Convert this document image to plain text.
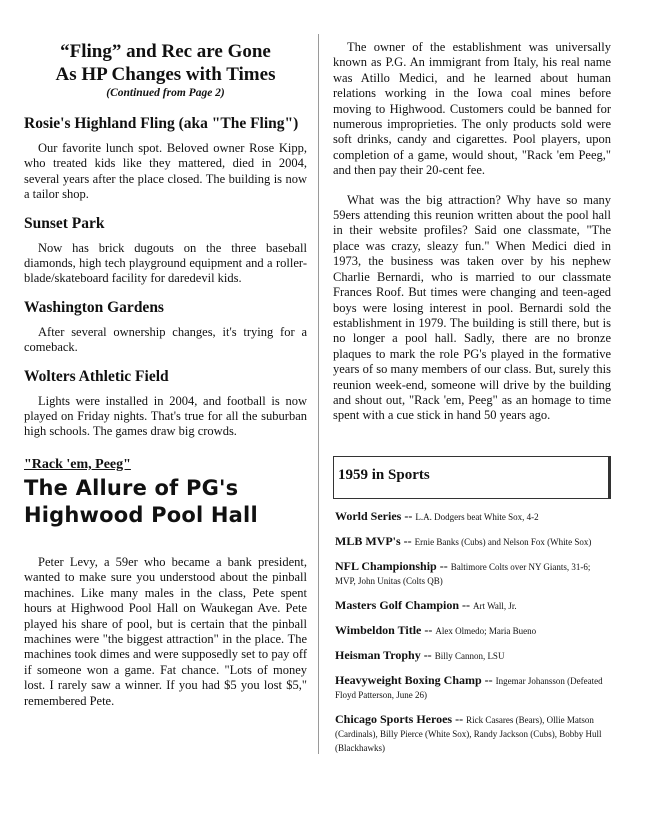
“Fling” and Rec are Gone
As HP Changes with Times
(Continued from Page 2)
Rosie's Highland Fling (aka "The Fling")

Our favorite lunch spot. Beloved owner Rose Kipp, who treated kids like they mattered, died in 2004, several years after the place closed. The building is now a tailor shop.

Sunset Park

Now has brick dugouts on the three baseball diamonds, high tech playground equipment and a roller-blade/skateboard facility for daredevil kids.

Washington Gardens

After several ownership changes, it's trying for a comeback.

Wolters Athletic Field

Lights were installed in 2004, and football is now played on Friday nights. That's true for all the suburban high schools. The games draw big crowds.

"Rack 'em, Peeg"
The Allure of PG's
Highwood Pool Hall

Peter Levy, a 59er who became a bank president, wanted to make sure you understood about the pinball machines. Like many males in the class, Pete spent hours at Highwood Pool Hall on Waukegan Ave. Pete played his share of pool, but is certain that the pinball machines were "the biggest attraction" in the place. The machines took dimes and were supposedly set to pay off if someone won a game. Fat chance. "Lots of money lost. I rarely saw a winner. If you had $5 you lost $5," remembered Pete.

The owner of the establishment was universally known as P.G. An immigrant from Italy, his real name was Atillo Medici, and he learned about human relations working in the Iowa coal mines before moving to Highwood. Customers could be banned for numerous improprieties. The only products sold were soft drinks, candy and cigarettes. Pool players, upon completion of a game, would shout, "Rack 'em Peeg," and then pay their 20-cent fee.

What was the big attraction? Why have so many 59ers attending this reunion written about the pool hall in their website profiles? Said one classmate, "The place was crazy, sleazy fun." When Medici died in 1973, the business was taken over by his nephew Charlie Bernardi, who is married to our classmate Frances Roof. But times were changing and teen-aged boys were losing interest in pool. Bernardi sold the establishment in 1979. The building is still there, but is no longer a pool hall. Sadly, there are no bronze plaques to mark the role PG's played in the formative years of so many members of our class. But, surely this reunion week-end, someone will drive by the building and shout out, "Rack 'em, Peeg" as an homage to time spent with a cue stick in hand 50 years ago.

1959 in Sports
World Series -- L.A. Dodgers beat White Sox, 4-2
MLB MVP's -- Ernie Banks (Cubs) and Nelson Fox (White Sox)
NFL Championship -- Baltimore Colts over NY Giants, 31-6; MVP, John Unitas (Colts QB)
Masters Golf Champion -- Art Wall, Jr.
Wimbeldon Title -- Alex Olmedo; Maria Bueno
Heisman Trophy -- Billy Cannon, LSU
Heavyweight Boxing Champ -- Ingemar Johansson (Defeated Floyd Patterson, June 26)
Chicago Sports Heroes -- Rick Casares (Bears), Ollie Matson (Cardinals), Billy Pierce (White Sox), Randy Jackson (Cubs), Bobby Hull (Blackhawks)
